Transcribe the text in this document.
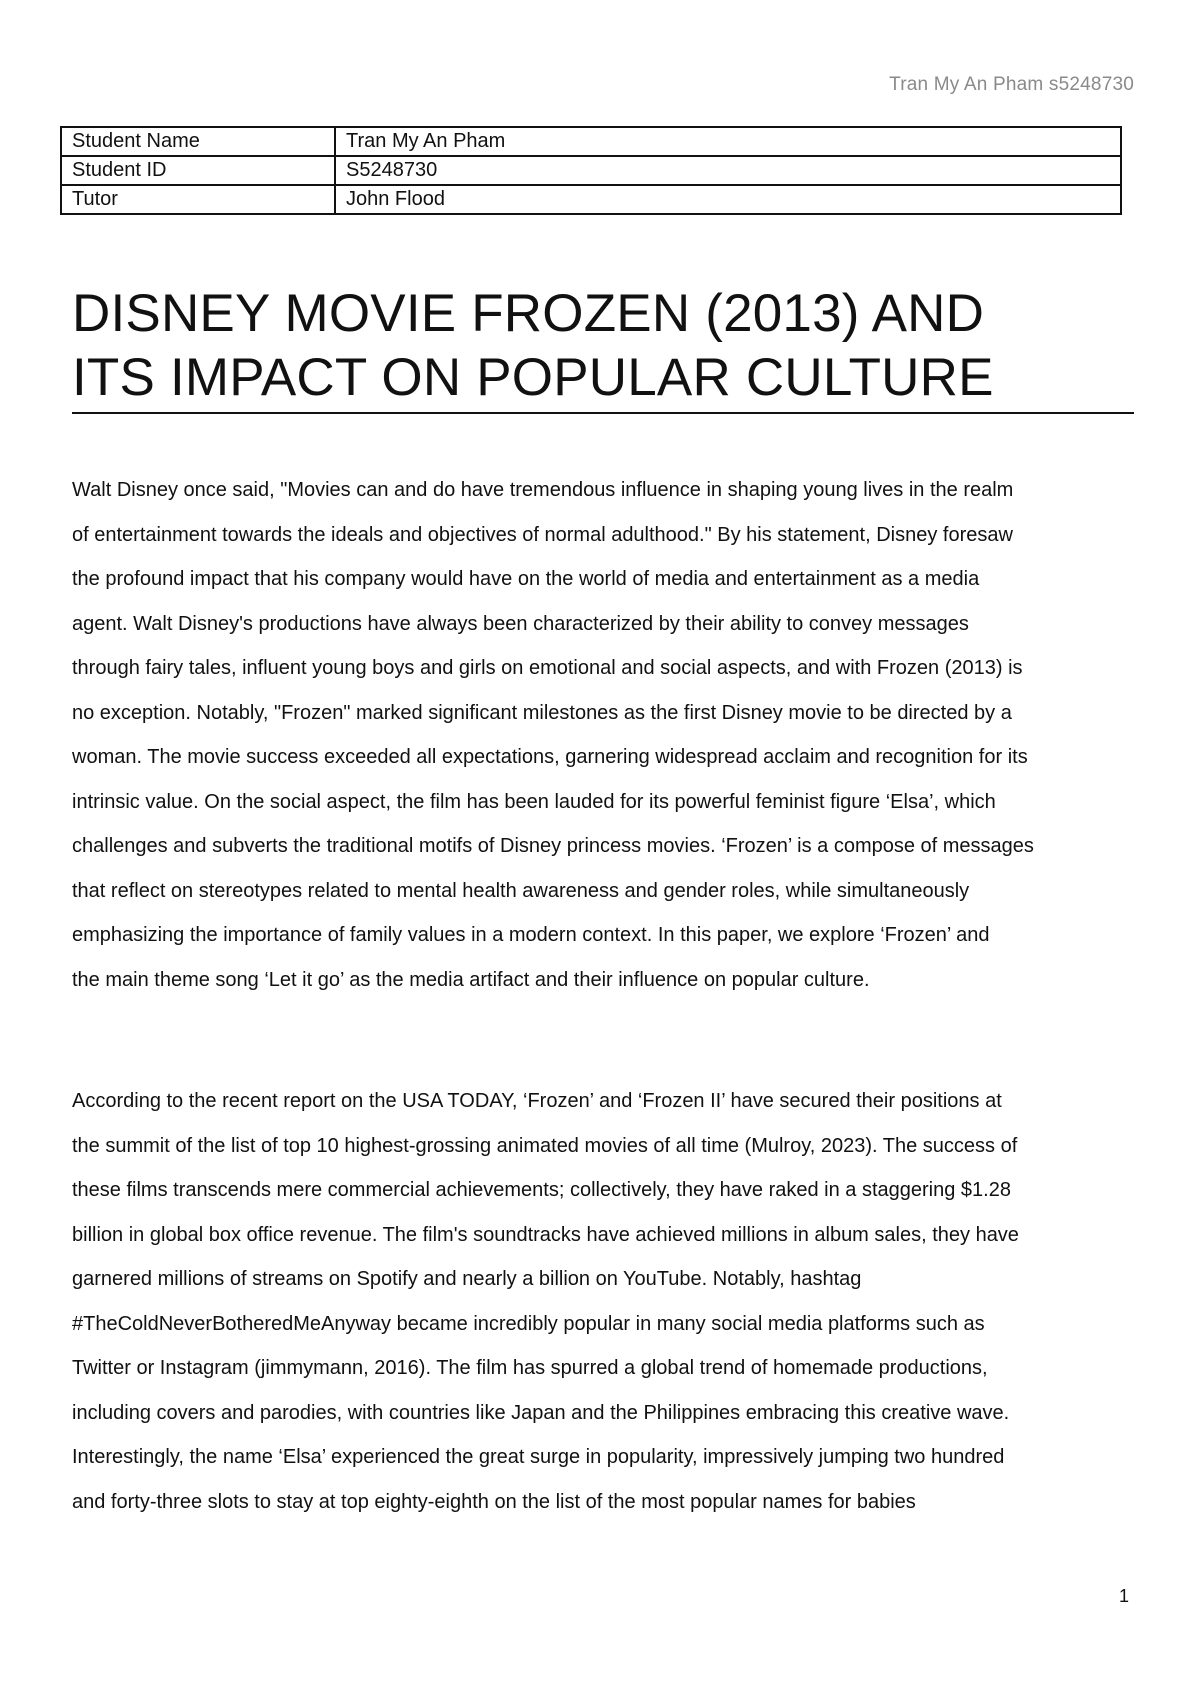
Tran My An Pham s5248730
Student Name	Tran My An Pham
Student ID	S5248730
Tutor	John Flood
DISNEY MOVIE FROZEN (2013) AND
ITS IMPACT ON POPULAR CULTURE

Walt Disney once said, "Movies can and do have tremendous influence in shaping young lives in the realm
of entertainment towards the ideals and objectives of normal adulthood." By his statement, Disney foresaw
the profound impact that his company would have on the world of media and entertainment as a media
agent. Walt Disney's productions have always been characterized by their ability to convey messages
through fairy tales, influent young boys and girls on emotional and social aspects, and with Frozen (2013) is
no exception. Notably, "Frozen" marked significant milestones as the first Disney movie to be directed by a
woman. The movie success exceeded all expectations, garnering widespread acclaim and recognition for its
intrinsic value. On the social aspect, the film has been lauded for its powerful feminist figure ‘Elsa’, which
challenges and subverts the traditional motifs of Disney princess movies. ‘Frozen’ is a compose of messages
that reflect on stereotypes related to mental health awareness and gender roles, while simultaneously
emphasizing the importance of family values in a modern context. In this paper, we explore ‘Frozen’ and
the main theme song ‘Let it go’ as the media artifact and their influence on popular culture.

According to the recent report on the USA TODAY, ‘Frozen’ and ‘Frozen II’ have secured their positions at
the summit of the list of top 10 highest-grossing animated movies of all time (Mulroy, 2023). The success of
these films transcends mere commercial achievements; collectively, they have raked in a staggering $1.28
billion in global box office revenue. The film's soundtracks have achieved millions in album sales, they have
garnered millions of streams on Spotify and nearly a billion on YouTube. Notably, hashtag
#TheColdNeverBotheredMeAnyway became incredibly popular in many social media platforms such as
Twitter or Instagram (jimmymann, 2016). The film has spurred a global trend of homemade productions,
including covers and parodies, with countries like Japan and the Philippines embracing this creative wave.
Interestingly, the name ‘Elsa’ experienced the great surge in popularity, impressively jumping two hundred
and forty-three slots to stay at top eighty-eighth on the list of the most popular names for babies

1
